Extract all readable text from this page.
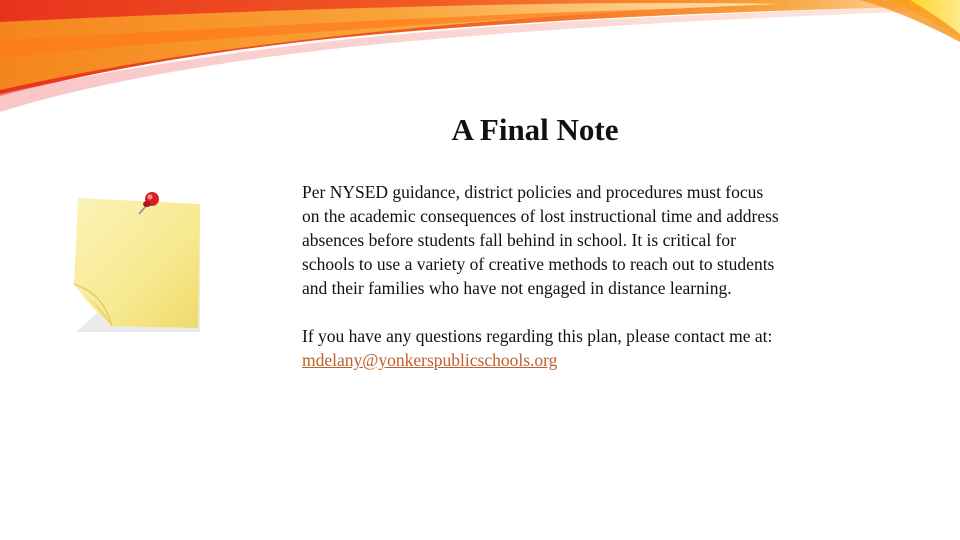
A Final Note

Per NYSED guidance, district policies and procedures must focus on the academic consequences of lost instructional time and address absences before students fall behind in school. It is critical for schools to use a variety of creative methods to reach out to students and their families who have not engaged in distance learning.

If you have any questions regarding this plan, please contact me at: mdelany@yonkerspublicschools.org
